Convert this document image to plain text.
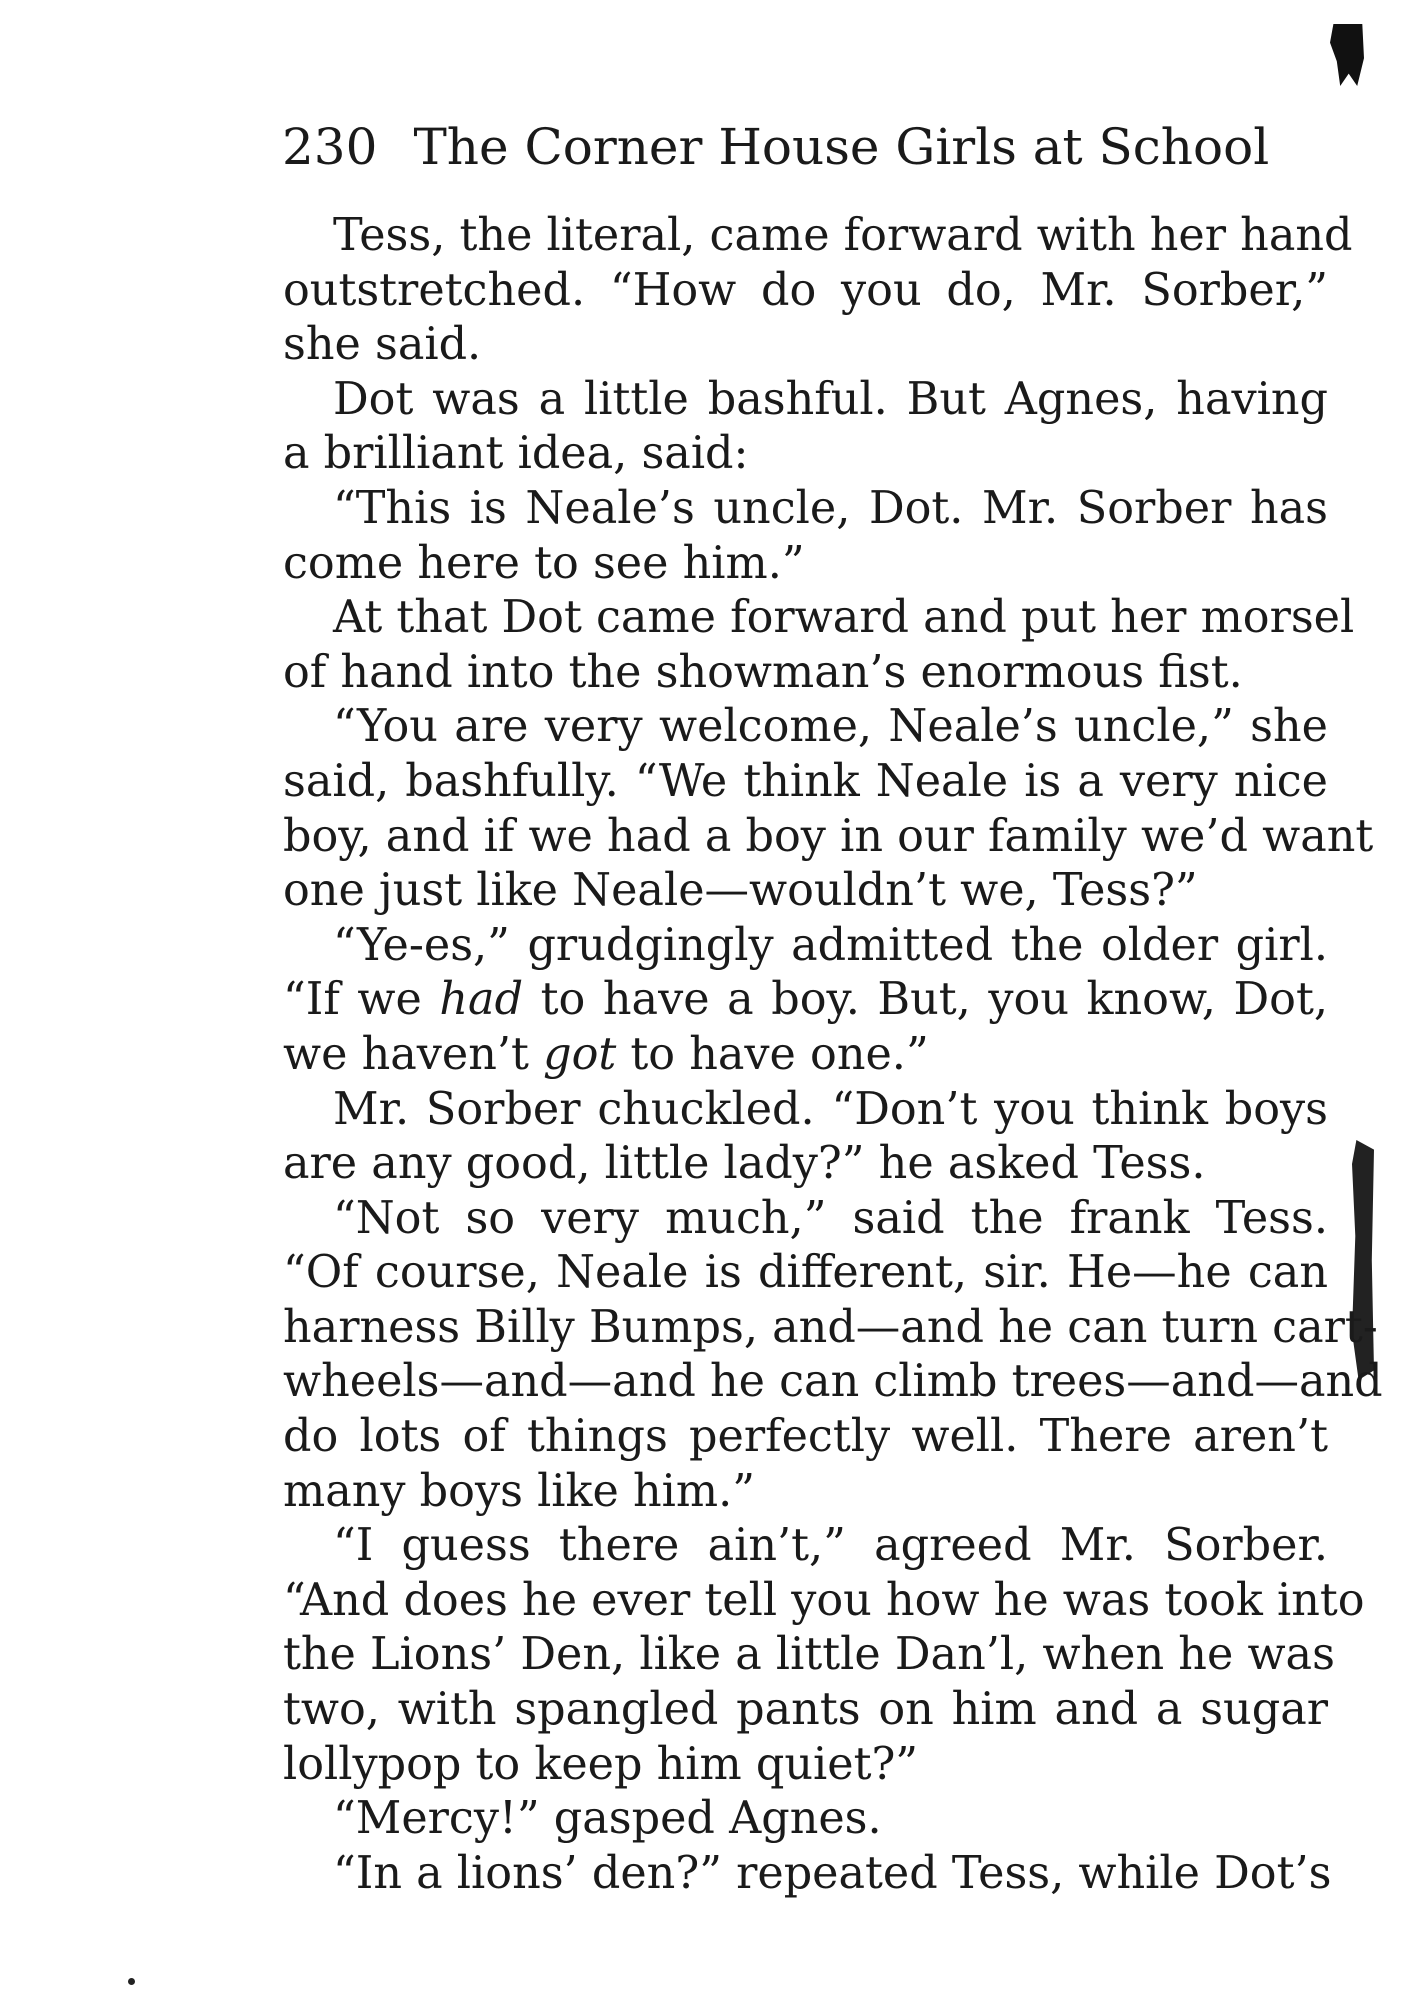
230 The Corner House Girls at School
Tess, the literal, came forward with her hand
outstretched. “How do you do, Mr. Sorber,”
she said.
Dot was a little bashful. But Agnes, having
a brilliant idea, said:
“This is Neale’s uncle, Dot. Mr. Sorber has
come here to see him.”
At that Dot came forward and put her morsel
of hand into the showman’s enormous fist.
“You are very welcome, Neale’s uncle,” she
said, bashfully. “We think Neale is a very nice
boy, and if we had a boy in our family we’d want
one just like Neale—wouldn’t we, Tess?”
“Ye-es,” grudgingly admitted the older girl.
“If we had to have a boy. But, you know, Dot,
we haven’t got to have one.”
Mr. Sorber chuckled. “Don’t you think boys
are any good, little lady?” he asked Tess.
“Not so very much,” said the frank Tess.
“Of course, Neale is different, sir. He—he can
harness Billy Bumps, and—and he can turn cart-
wheels—and—and he can climb trees—and—and
do lots of things perfectly well. There aren’t
many boys like him.”
“I guess there ain’t,” agreed Mr. Sorber.
“And does he ever tell you how he was took into
the Lions’ Den, like a little Dan’l, when he was
two, with spangled pants on him and a sugar
lollypop to keep him quiet?”
“Mercy!” gasped Agnes.
“In a lions’ den?” repeated Tess, while Dot’s
